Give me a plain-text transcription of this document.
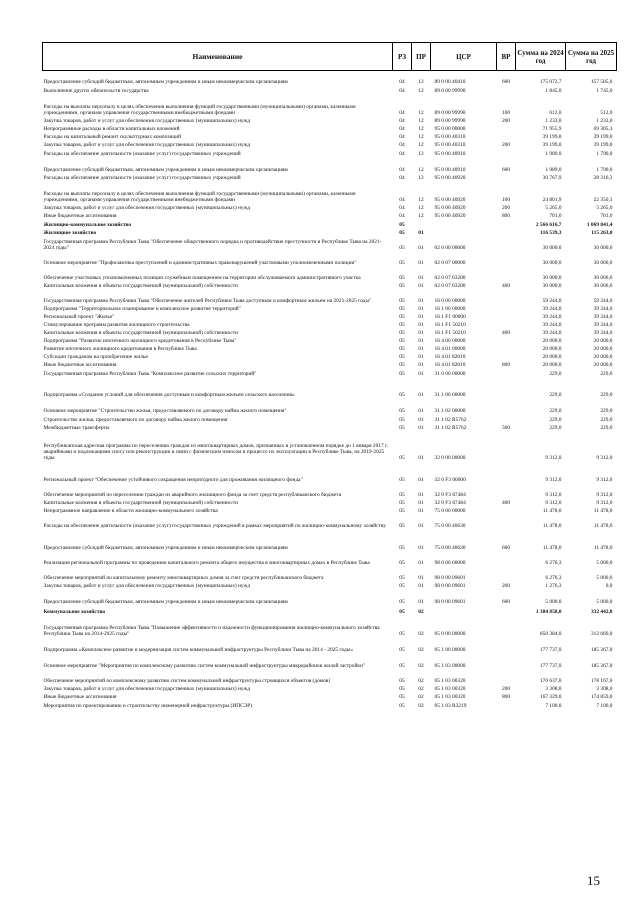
Наименование	РЗ	ПР	ЦСР	ВР	Сумма на 2024 год	Сумма на 2025 год
Предоставление субсидий бюджетным, автономным учреждениям и иным некоммерческим организациям	04	12	89 0 00 40410	600	175 072,7	157 585,6
Выполнение других обязательств государства	04	12	89 0 00 99990		1 845,0	1 745,0
Расходы на выплаты персоналу в целях обеспечения выполнения функций государственными (муниципальными) органами, казенными учреждениями, органами управления государственными внебюджетными фондами	04	12	89 0 00 99990	100	612,0	512,0
Закупка товаров, работ и услуг для обеспечения государственных (муниципальных) нужд	04	12	89 0 00 99990	200	1 233,0	1 233,0
Непрограммные расходы в области капитальных вложений	04	12	95 0 00 00000		71 955,9	69 305,3
Расходы на капитальный ремонт скульптурных композиций	04	12	95 0 00 40310		39 199,0	39 199,0
Закупка товаров, работ и услуг для обеспечения государственных (муниципальных) нужд	04	12	95 0 00 40310	200	39 199,0	39 199,0
Расходы на обеспечение деятельности (оказание услуг) государственных учреждений	04	12	95 0 00 40910		1 989,0	1 790,0
Предоставление субсидий бюджетным, автономным учреждениям и иным некоммерческим организациям	04	12	95 0 00 40910	600	1 989,0	1 790,0
Расходы на обеспечение деятельности (оказание услуг) государственных учреждений	04	12	95 0 00 40920		30 767,9	28 316,3
Расходы на выплаты персоналу в целях обеспечения выполнения функций государственными (муниципальными) органами, казенными учреждениями, органами управления государственными внебюджетными фондами	04	12	95 0 00 40920	100	24 801,9	22 350,3
Закупка товаров, работ и услуг для обеспечения государственных (муниципальных) нужд	04	12	95 0 00 40920	200	5 265,0	5 265,0
Иные бюджетные ассигнования	04	12	95 0 00 40920	800	701,0	701,0
Жилищно-коммунальное хозяйство	05				2 566 616,7	1 069 841,4
Жилищное хозяйство	05	01			116 539,3	115 263,0
Государственная программа Республики Тыва "Обеспечение общественного порядка и противодействие преступности в Республике Тыва на 2021-2024 годы"	05	01	02 0 00 00000		30 000,0	30 000,0
Основное мероприятие "Профилактика преступлений и административных правонарушений участковыми уполномоченными полиции"	05	01	02 0 07 00000		30 000,0	30 000,0
Обеспечение участковых уполномоченных полиции служебным помещением на территории обслуживаемого административного участка	05	01	02 0 07 03200		30 000,0	30 000,0
Капитальные вложения в объекты государственной (муниципальной) собственности	05	01	02 0 07 03200	400	30 000,0	30 000,0
Государственная программа Республики Тыва "Обеспечение жителей Республики Тыва доступным и комфортным жильем на 2021-2025 годы"	05	01	16 0 00 00000		59 244,0	59 244,0
Подпрограмма "Территориальное планирование и комплексное развитие территорий"	05	01	16 1 00 00000		39 244,0	39 244,0
Региональный проект "Жилье"	05	01	16 1 F1 00000		39 244,0	39 244,0
Стимулирование программ развития жилищного строительства	05	01	16 1 F1 50210		39 244,0	39 244,0
Капитальные вложения в объекты государственной (муниципальной) собственности	05	01	16 1 F1 50210	400	39 244,0	39 244,0
Подпрограмма "Развитие ипотечного жилищного кредитования в Республике Тыва"	05	01	16 4 00 00000		20 000,0	20 000,0
Развитие ипотечного жилищного кредитования в Республике Тыва	05	01	16 4 01 00000		20 000,0	20 000,0
Субсидии гражданам на приобретение жилья	05	01	16 4 01 82010		20 000,0	20 000,0
Иные бюджетные ассигнования	05	01	16 4 01 82010	800	20 000,0	20 000,0
Государственная программа Республики Тыва "Комплексное развитие сельских территорий"	05	01	31 0 00 00000		229,0	229,0
Подпрограмма «Создание условий для обеспечения доступным и комфортным жильем сельского населения»	05	01	31 1 00 00000		229,0	229,0
Основное мероприятие "Строительство жилья, предоставляемого по договору найма жилого помещения"	05	01	31 1 02 00000		229,0	229,0
Строительство жилья, предоставляемого по договору найма жилого помещения	05	01	31 1 02 R5762		229,0	229,0
Межбюджетные трансферты	05	01	31 1 02 R5762	500	229,0	229,0
Республиканская адресная программа по переселению граждан из многоквартирных домов, признанных в установленном порядке до 1 января 2017 г. аварийными и подлежащими сносу или реконструкции в связи с физическим износом в процессе их эксплуатации в Республике Тыва, на 2019-2025 годы	05	01	32 0 00 00000		9 312,0	9 312,0
Региональный проект "Обеспечение устойчивого сокращения непригодного для проживания жилищного фонда"	05	01	32 0 F3 00000		9 312,0	9 312,0
Обеспечение мероприятий по переселению граждан из аварийного жилищного фонда за счет средств республиканского бюджета	05	01	32 0 F3 67484		9 312,0	9 312,0
Капитальные вложения в объекты государственной (муниципальной) собственности	05	01	32 0 F3 67484	400	9 312,0	9 312,0
Непрограммное направление в области жилищно-коммунального хозяйства	05	01	75 0 00 00000		11 478,0	11 478,0
Расходы на обеспечение деятельности (оказание услуг) государственных учреждений в рамках мероприятий по жилищно-коммунальному хозяйству	05	01	75 0 00 40630		11 478,0	11 478,0
Предоставление субсидий бюджетным, автономным учреждениям и иным некоммерческим организациям	05	01	75 0 00 40630	600	11 478,0	11 478,0
Реализация региональной программы по проведению капитального ремонта общего имущества в многоквартирных домах в Республике Тыва	05	01	98 0 00 00000		6 276,3	5 000,0
Обеспечение мероприятий по капитальному ремонту многоквартирных домов за счет средств республиканского бюджета	05	01	98 0 00 09601		6 276,3	5 000,0
Закупка товаров, работ и услуг для обеспечения государственных (муниципальных) нужд	05	01	98 0 00 09601	200	1 276,3	0,0
Предоставление субсидий бюджетным, автономным учреждениям и иным некоммерческим организациям	05	01	98 0 00 09601	600	5 000,0	5 000,0
Коммунальное хозяйство	05	02			1 384 858,0	332 442,0
Государственная программа Республики Тыва "Повышение эффективности и надежности функционирования жилищно-коммунального хозяйства Республики Тыва на 2014-2025 годы"	05	02	05 0 00 00000		850 384,0	312 669,0
Подпрограмма «Комплексное развитие и модернизация систем коммунальной инфраструктуры Республики Тыва на 2014 - 2025 годы»	05	02	05 1 00 00000		177 737,0	185 267,0
Основное мероприятие "Мероприятия по комплексному развитию систем коммунальной инфраструктуры микрорайонов жилой застройки"	05	02	05 1 03 00000		177 737,0	185 267,0
Обеспечение мероприятий по комплексному развитию систем коммунальной инфраструктуры строящихся объектов (домов)	05	02	05 1 03 00320		170 637,0	178 167,0
Закупка товаров, работ и услуг для обеспечения государственных (муниципальных) нужд	05	02	05 1 03 00320	200	3 308,0	3 308,0
Иные бюджетные ассигнования	05	02	05 1 03 00320	800	167 329,0	174 859,0
Мероприятия по проектированию и строительству инженерной инфраструктуры (ИПСЭР)	05	02	05 1 03 R3219		7 100,0	7 100,0
15
